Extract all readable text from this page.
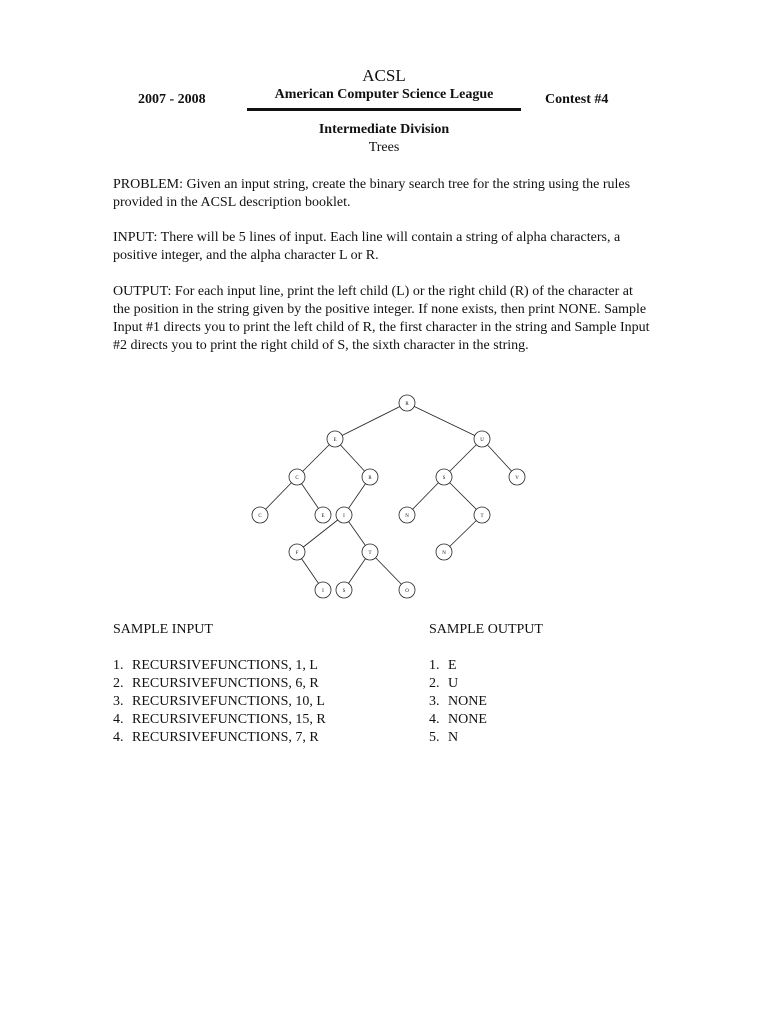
ACSL
2007 - 2008	American Computer Science League	Contest #4
Intermediate Division
Trees
PROBLEM: Given an input string, create the binary search tree for the string using the rules provided in the ACSL description booklet.
INPUT: There will be 5 lines of input. Each line will contain a string of alpha characters, a positive integer, and the alpha character L or R.
OUTPUT: For each input line, print the left child (L) or the right child (R) of the character at the position in the string given by the positive integer. If none exists, then print NONE. Sample Input #1 directs you to print the left child of R, the first character in the string and Sample Input #2 directs you to print the right child of S, the sixth character in the string.
R
E	U
C	R	S	V
C	E	I	N	T
F	T	N
I	S	O
SAMPLE INPUT	SAMPLE OUTPUT
1. RECURSIVEFUNCTIONS, 1, L
2. RECURSIVEFUNCTIONS, 6, R
3. RECURSIVEFUNCTIONS, 10, L
4. RECURSIVEFUNCTIONS, 15, R
4. RECURSIVEFUNCTIONS, 7, R
1. E
2. U
3. NONE
4. NONE
5. N
